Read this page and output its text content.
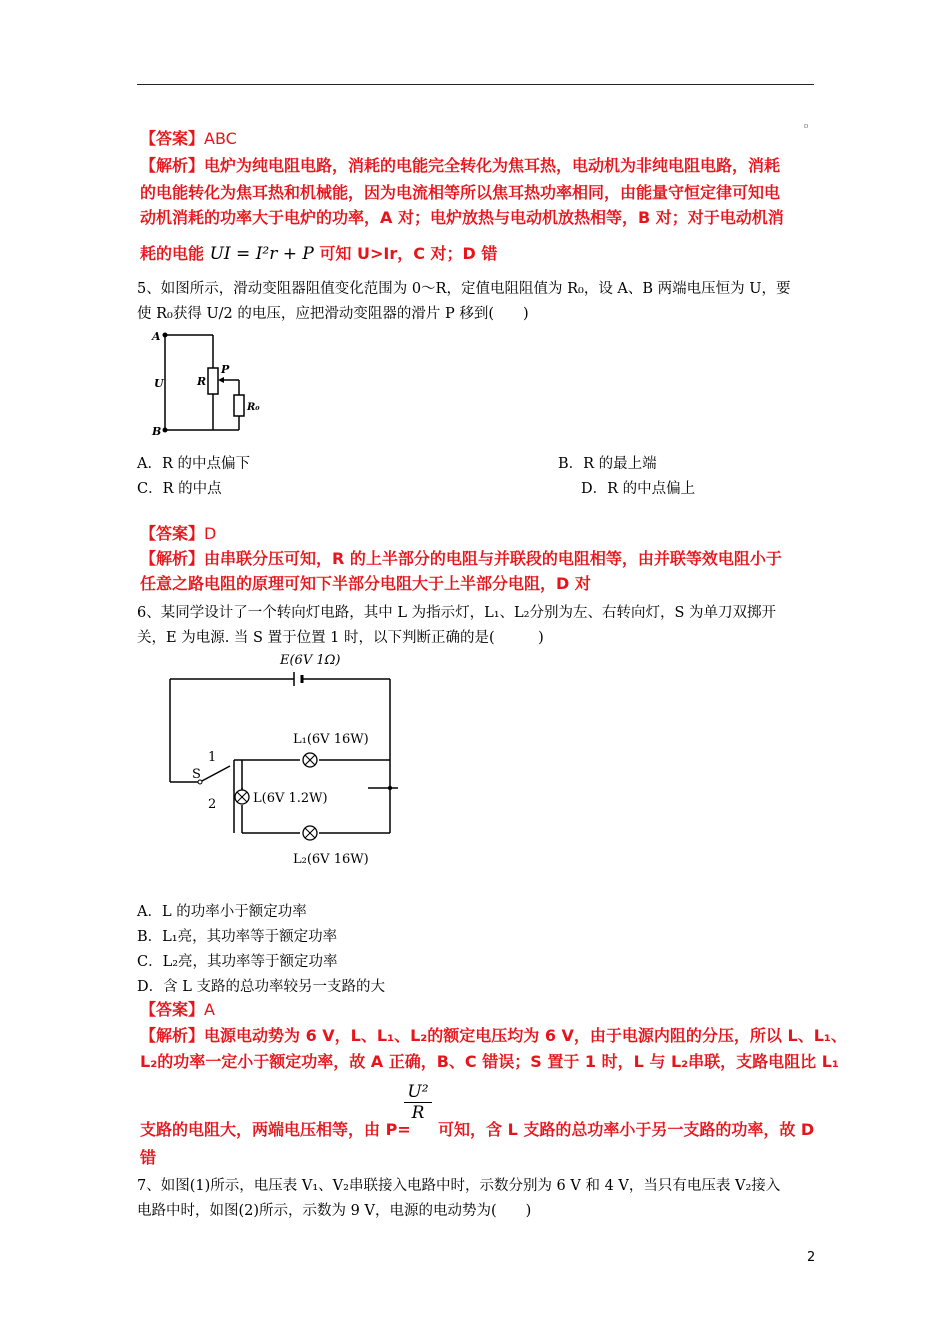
ᴰ
【答案】ABC
【解析】电炉为纯电阻电路，消耗的电能完全转化为焦耳热，电动机为非纯电阻电路，消耗
的电能转化为焦耳热和机械能，因为电流相等所以焦耳热功率相同，由能量守恒定律可知电
动机消耗的功率大于电炉的功率，A 对；电炉放热与电动机放热相等，B 对；对于电动机消
耗的电能 UI = I²r + P 可知 U>Ir，C 对；D 错
5、如图所示，滑动变阻器阻值变化范围为 0～R，定值电阻阻值为 R₀，设 A、B 两端电压恒为 U，要
使 R₀获得 U/2 的电压，应把滑动变阻器的滑片 P 移到(　　)
A
B
U	R
P
R₀
A．R 的中点偏下	B．R 的最上端
C．R 的中点	D．R 的中点偏上
【答案】D
【解析】由串联分压可知，R 的上半部分的电阻与并联段的电阻相等，由并联等效电阻小于
任意之路电阻的原理可知下半部分电阻大于上半部分电阻，D 对
6、某同学设计了一个转向灯电路，其中 L 为指示灯，L₁、L₂分别为左、右转向灯，S 为单刀双掷开
关，E 为电源. 当 S 置于位置 1 时，以下判断正确的是(　　　)
E(6V 1Ω)
L₁(6V 16W)
L(6V 1.2W)
L₂(6V 16W)
S
1
2
A．L 的功率小于额定功率
B．L₁亮，其功率等于额定功率
C．L₂亮，其功率等于额定功率
D．含 L 支路的总功率较另一支路的大
【答案】A
【解析】电源电动势为 6 V，L、L₁、L₂的额定电压均为 6 V，由于电源内阻的分压，所以 L、L₁、
L₂的功率一定小于额定功率，故 A 正确，B、C 错误；S 置于 1 时，L 与 L₂串联，支路电阻比 L₁
支路的电阻大，两端电压相等，由 P=
$\frac{\text{U²}}{R}$
可知，含 L 支路的总功率小于另一支路的功率，故 D
错
7、如图(1)所示，电压表 V₁、V₂串联接入电路中时，示数分别为 6 V 和 4 V，当只有电压表 V₂接入
电路中时，如图(2)所示，示数为 9 V，电源的电动势为(　　)
2
